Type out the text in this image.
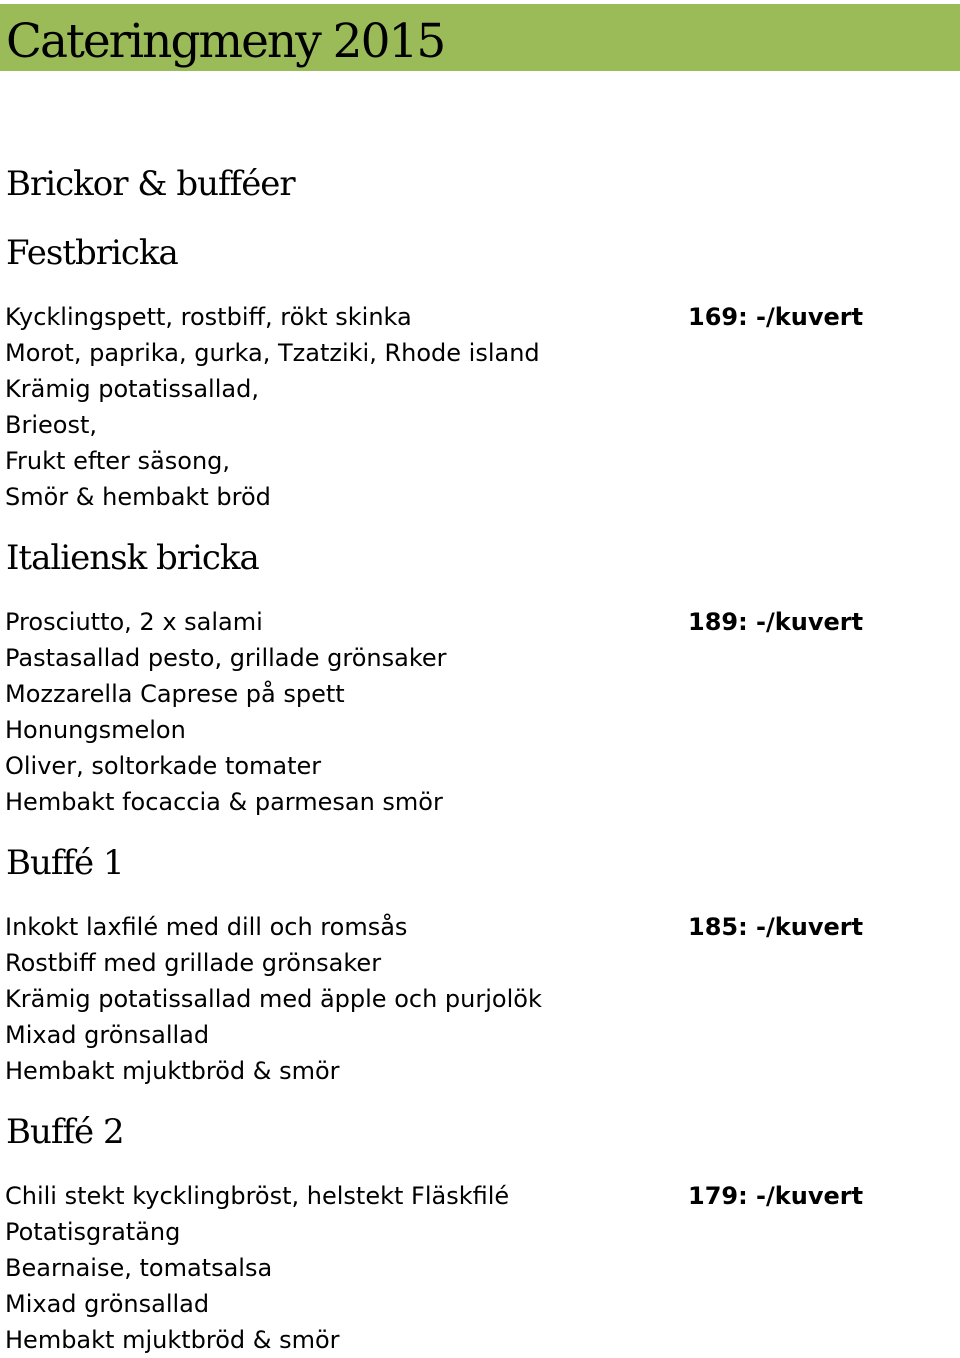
Cateringmeny 2015
Brickor & bufféer
Festbricka
Kycklingspett, rostbiff, rökt skinka
Morot, paprika, gurka, Tzatziki, Rhode island
Krämig potatissallad,
Brieost,
Frukt efter säsong,
Smör & hembakt bröd
169: -/kuvert
Italiensk bricka
Prosciutto, 2 x salami
Pastasallad pesto, grillade grönsaker
Mozzarella Caprese på spett
Honungsmelon
Oliver, soltorkade tomater
Hembakt focaccia & parmesan smör
189: -/kuvert
Buffé 1
Inkokt laxfilé med dill och romsås
Rostbiff med grillade grönsaker
Krämig potatissallad med äpple och purjolök
Mixad grönsallad
Hembakt mjuktbröd & smör
185: -/kuvert
Buffé 2
Chili stekt kycklingbröst, helstekt Fläskfilé
Potatisgratäng
Bearnaise, tomatsalsa
Mixad grönsallad
Hembakt mjuktbröd & smör
179: -/kuvert
